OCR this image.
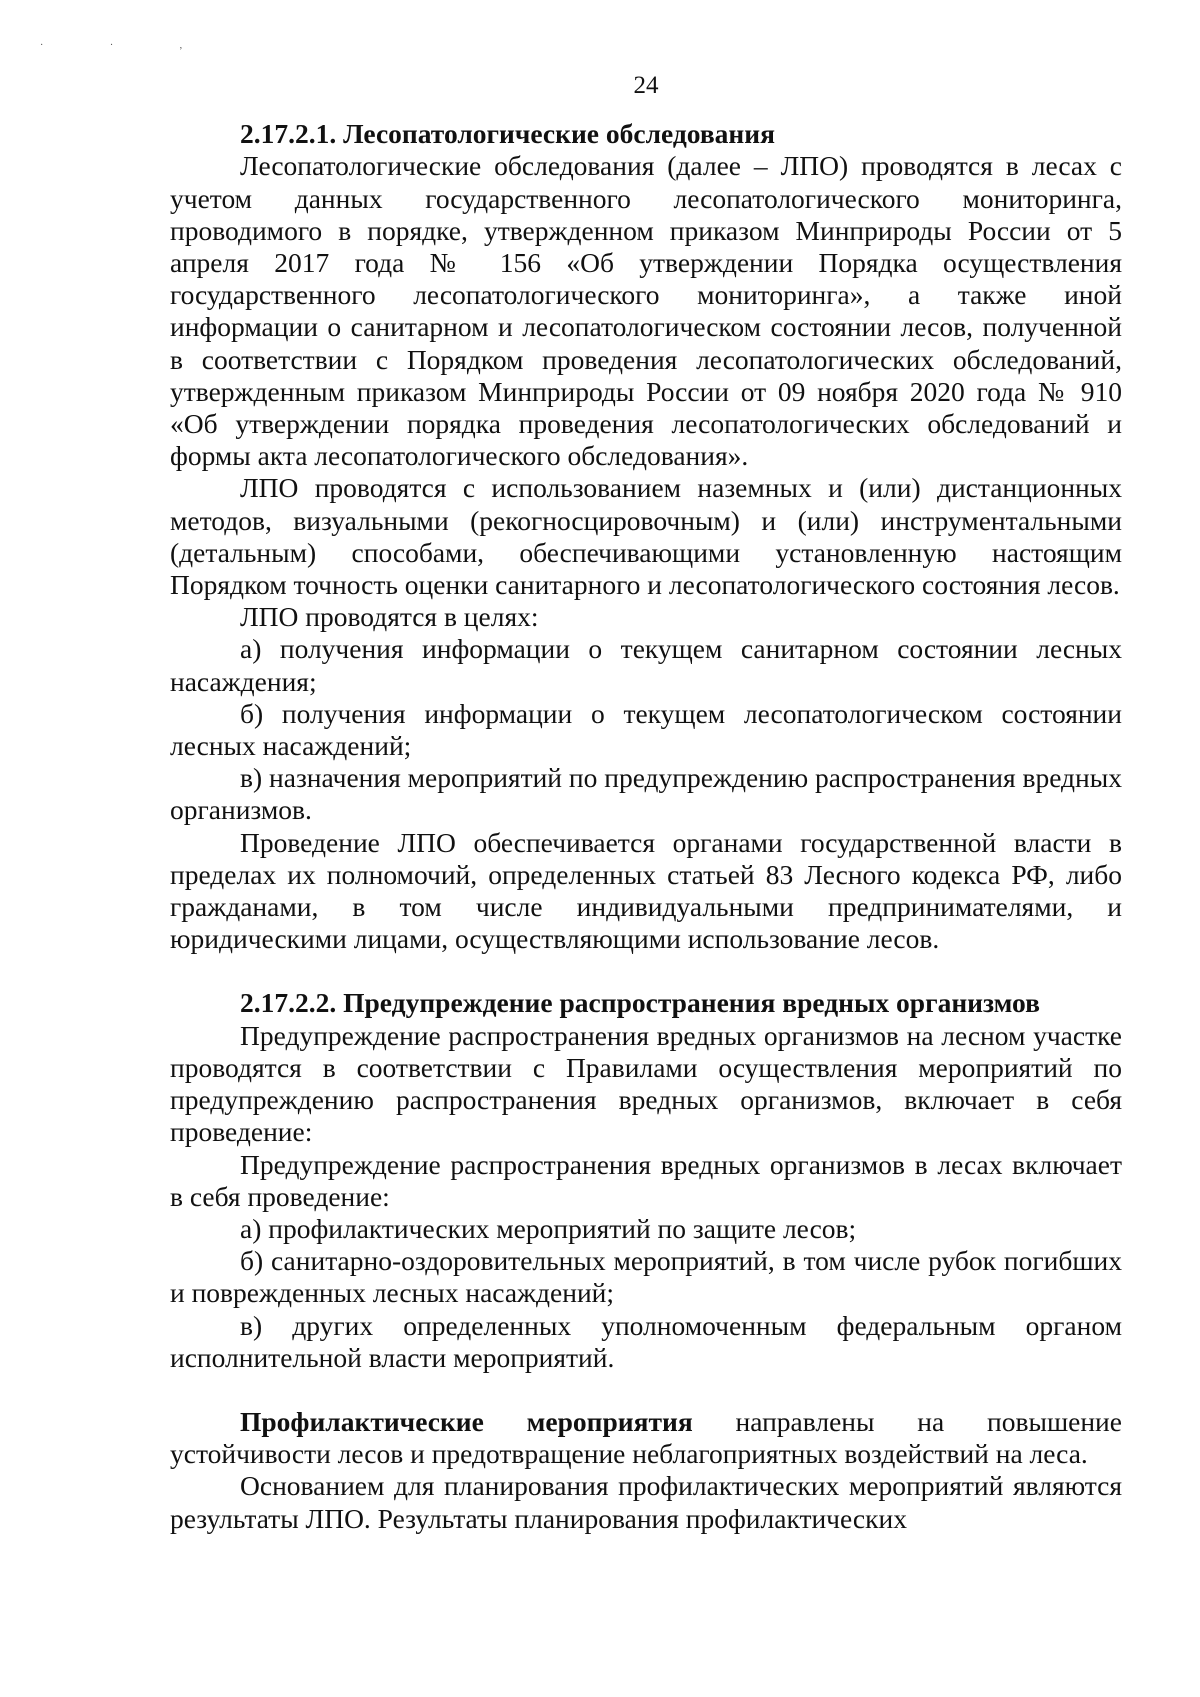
· · ,
24

2.17.2.1. Лесопатологические обследования

Лесопатологические обследования (далее – ЛПО) проводятся в лесах с учетом данных государственного лесопатологического мониторинга, проводимого в порядке, утвержденном приказом Минприроды России от 5 апреля 2017 года № 156 «Об утверждении Порядка осуществления государственного лесопатологического мониторинга», а также иной информации о санитарном и лесопатологическом состоянии лесов, полученной в соответствии с Порядком проведения лесопатологических обследований, утвержденным приказом Минприроды России от 09 ноября 2020 года № 910 «Об утверждении порядка проведения лесопатологических обследований и формы акта лесопатологического обследования».

ЛПО проводятся с использованием наземных и (или) дистанционных методов, визуальными (рекогносцировочным) и (или) инструментальными (детальным) способами, обеспечивающими установленную настоящим Порядком точность оценки санитарного и лесопатологического состояния лесов.

ЛПО проводятся в целях:

а) получения информации о текущем санитарном состоянии лесных насаждения;

б) получения информации о текущем лесопатологическом состоянии лесных насаждений;

в) назначения мероприятий по предупреждению распространения вредных организмов.

Проведение ЛПО обеспечивается органами государственной власти в пределах их полномочий, определенных статьей 83 Лесного кодекса РФ, либо гражданами, в том числе индивидуальными предпринимателями, и юридическими лицами, осуществляющими использование лесов.

2.17.2.2. Предупреждение распространения вредных организмов

Предупреждение распространения вредных организмов на лесном участке проводятся в соответствии с Правилами осуществления мероприятий по предупреждению распространения вредных организмов, включает в себя проведение:

Предупреждение распространения вредных организмов в лесах включает в себя проведение:

а) профилактических мероприятий по защите лесов;

б) санитарно-оздоровительных мероприятий, в том числе рубок погибших и поврежденных лесных насаждений;

в) других определенных уполномоченным федеральным органом исполнительной власти мероприятий.

Профилактические мероприятия направлены на повышение устойчивости лесов и предотвращение неблагоприятных воздействий на леса.

Основанием для планирования профилактических мероприятий являются результаты ЛПО. Результаты планирования профилактических
